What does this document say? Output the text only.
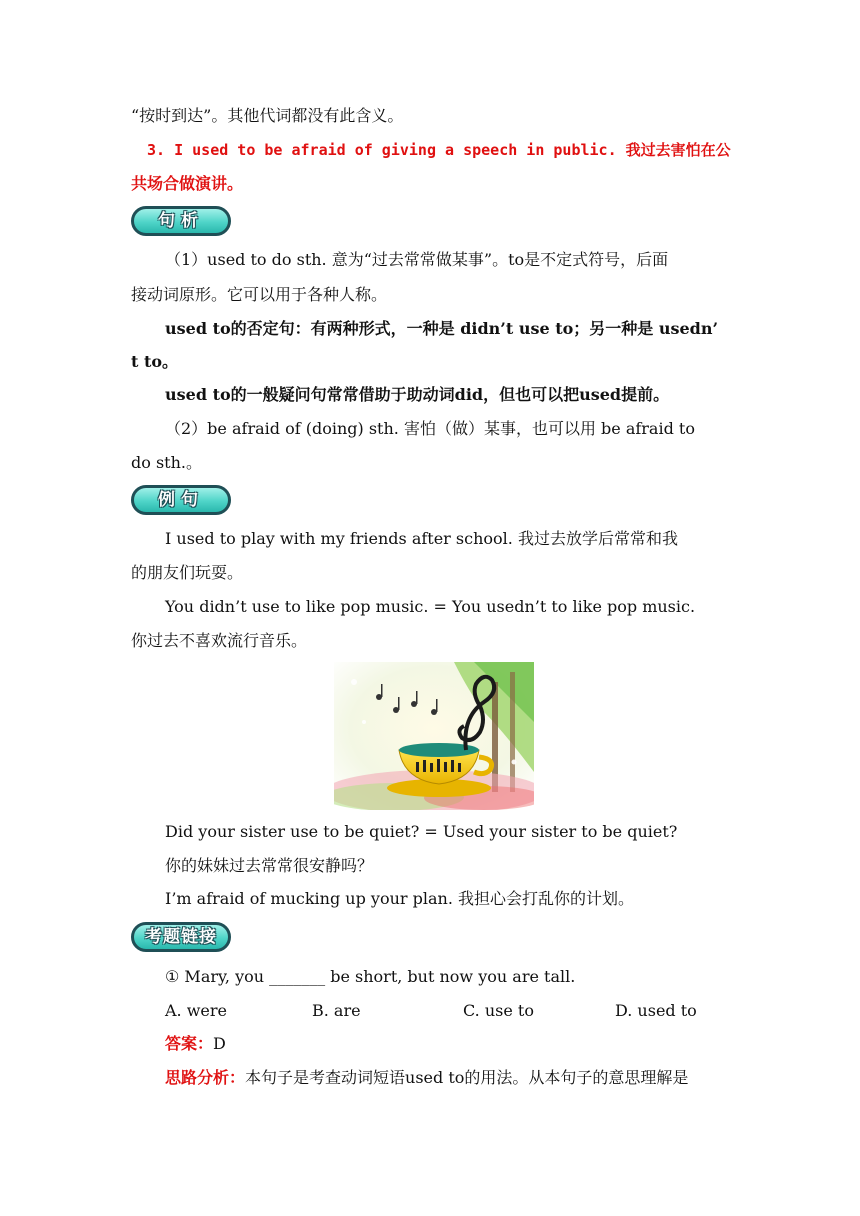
“按时到达”。其他代词都没有此含义。
3. I used to be afraid of giving a speech in public. 我过去害怕在公
共场合做演讲。
句析
（1）used to do sth. 意为“过去常常做某事”。to是不定式符号，后面
接动词原形。它可以用于各种人称。
used to的否定句：有两种形式，一种是 didn’t use to；另一种是 usedn’
t to。
used to的一般疑问句常常借助于助动词did，但也可以把used提前。
（2）be afraid of (doing) sth. 害怕（做）某事，也可以用 be afraid to
do sth.。
例句
I used to play with my friends after school. 我过去放学后常常和我
的朋友们玩耍。
You didn’t use to like pop music. = You usedn’t to like pop music.
你过去不喜欢流行音乐。
Did your sister use to be quiet? = Used your sister to be quiet?
你的妹妹过去常常很安静吗？
I’m afraid of mucking up your plan. 我担心会打乱你的计划。
考题链接
① Mary, you _______ be short, but now you are tall.
A. were	B. are	C. use to	D. used to
答案：D
思路分析：本句子是考查动词短语used to的用法。从本句子的意思理解是
